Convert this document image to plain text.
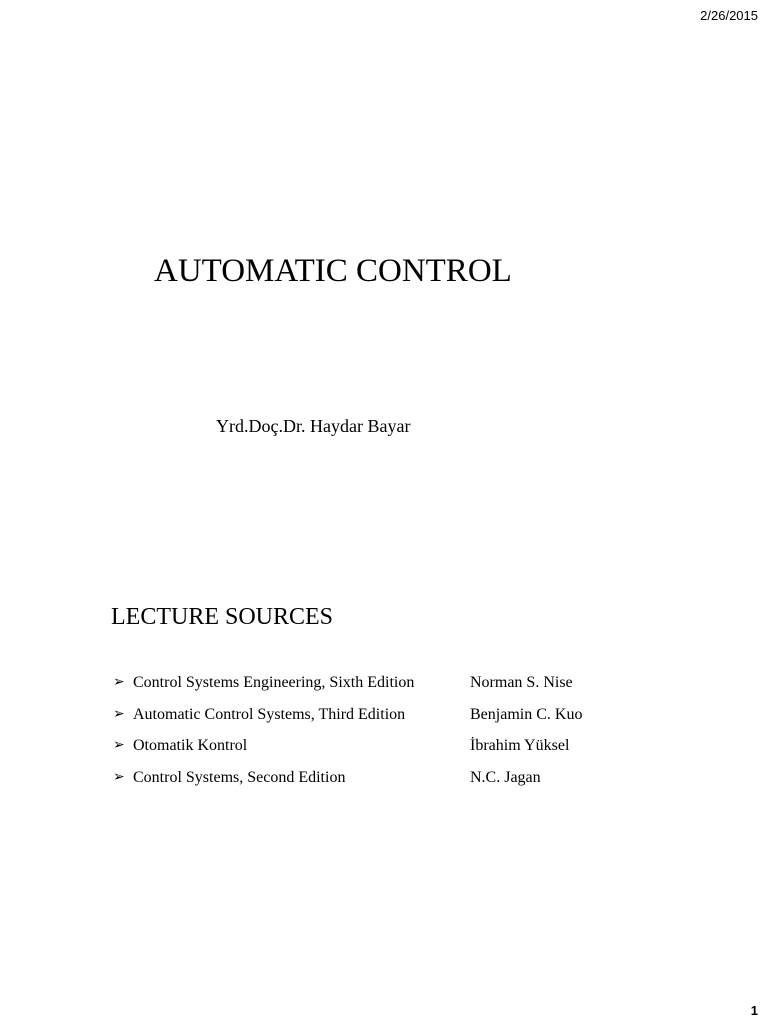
2/26/2015
AUTOMATIC CONTROL
Yrd.Doç.Dr. Haydar Bayar
LECTURE SOURCES
➢ Control Systems Engineering, Sixth Edition	Norman S. Nise
➢ Automatic Control Systems, Third Edition	Benjamin C. Kuo
➢ Otomatik Kontrol	İbrahim Yüksel
➢ Control Systems, Second Edition	N.C. Jagan
1
